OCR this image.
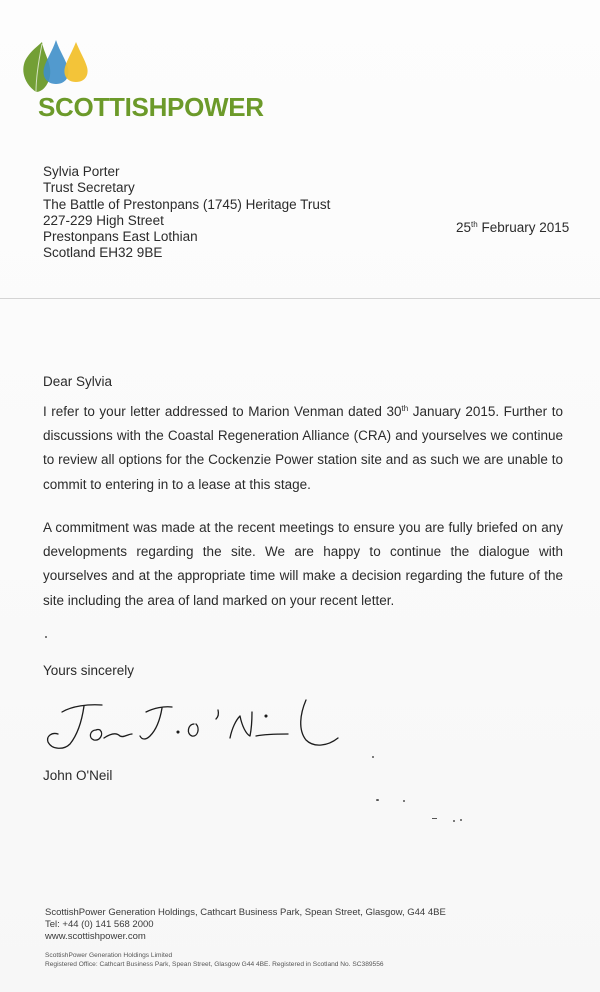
SCOTTISHPOWER
Sylvia Porter
Trust Secretary
The Battle of Prestonpans (1745) Heritage Trust
227-229 High Street
Prestonpans East Lothian
Scotland EH32 9BE
25th February 2015
Dear Sylvia
I refer to your letter addressed to Marion Venman dated 30th January 2015. Further to
discussions with the Coastal Regeneration Alliance (CRA) and yourselves we continue
to review all options for the Cockenzie Power station site and as such we are unable to
commit to entering in to a lease at this stage.
A commitment was made at the recent meetings to ensure you are fully briefed on any
developments regarding the site. We are happy to continue the dialogue with
yourselves and at the appropriate time will make a decision regarding the future of the
site including the area of land marked on your recent letter.
Yours sincerely
John O'Neil
ScottishPower Generation Holdings, Cathcart Business Park, Spean Street, Glasgow, G44 4BE
Tel: +44 (0) 141 568 2000
www.scottishpower.com
ScottishPower Generation Holdings Limited
Registered Office: Cathcart Business Park, Spean Street, Glasgow G44 4BE. Registered in Scotland No. SC389556
